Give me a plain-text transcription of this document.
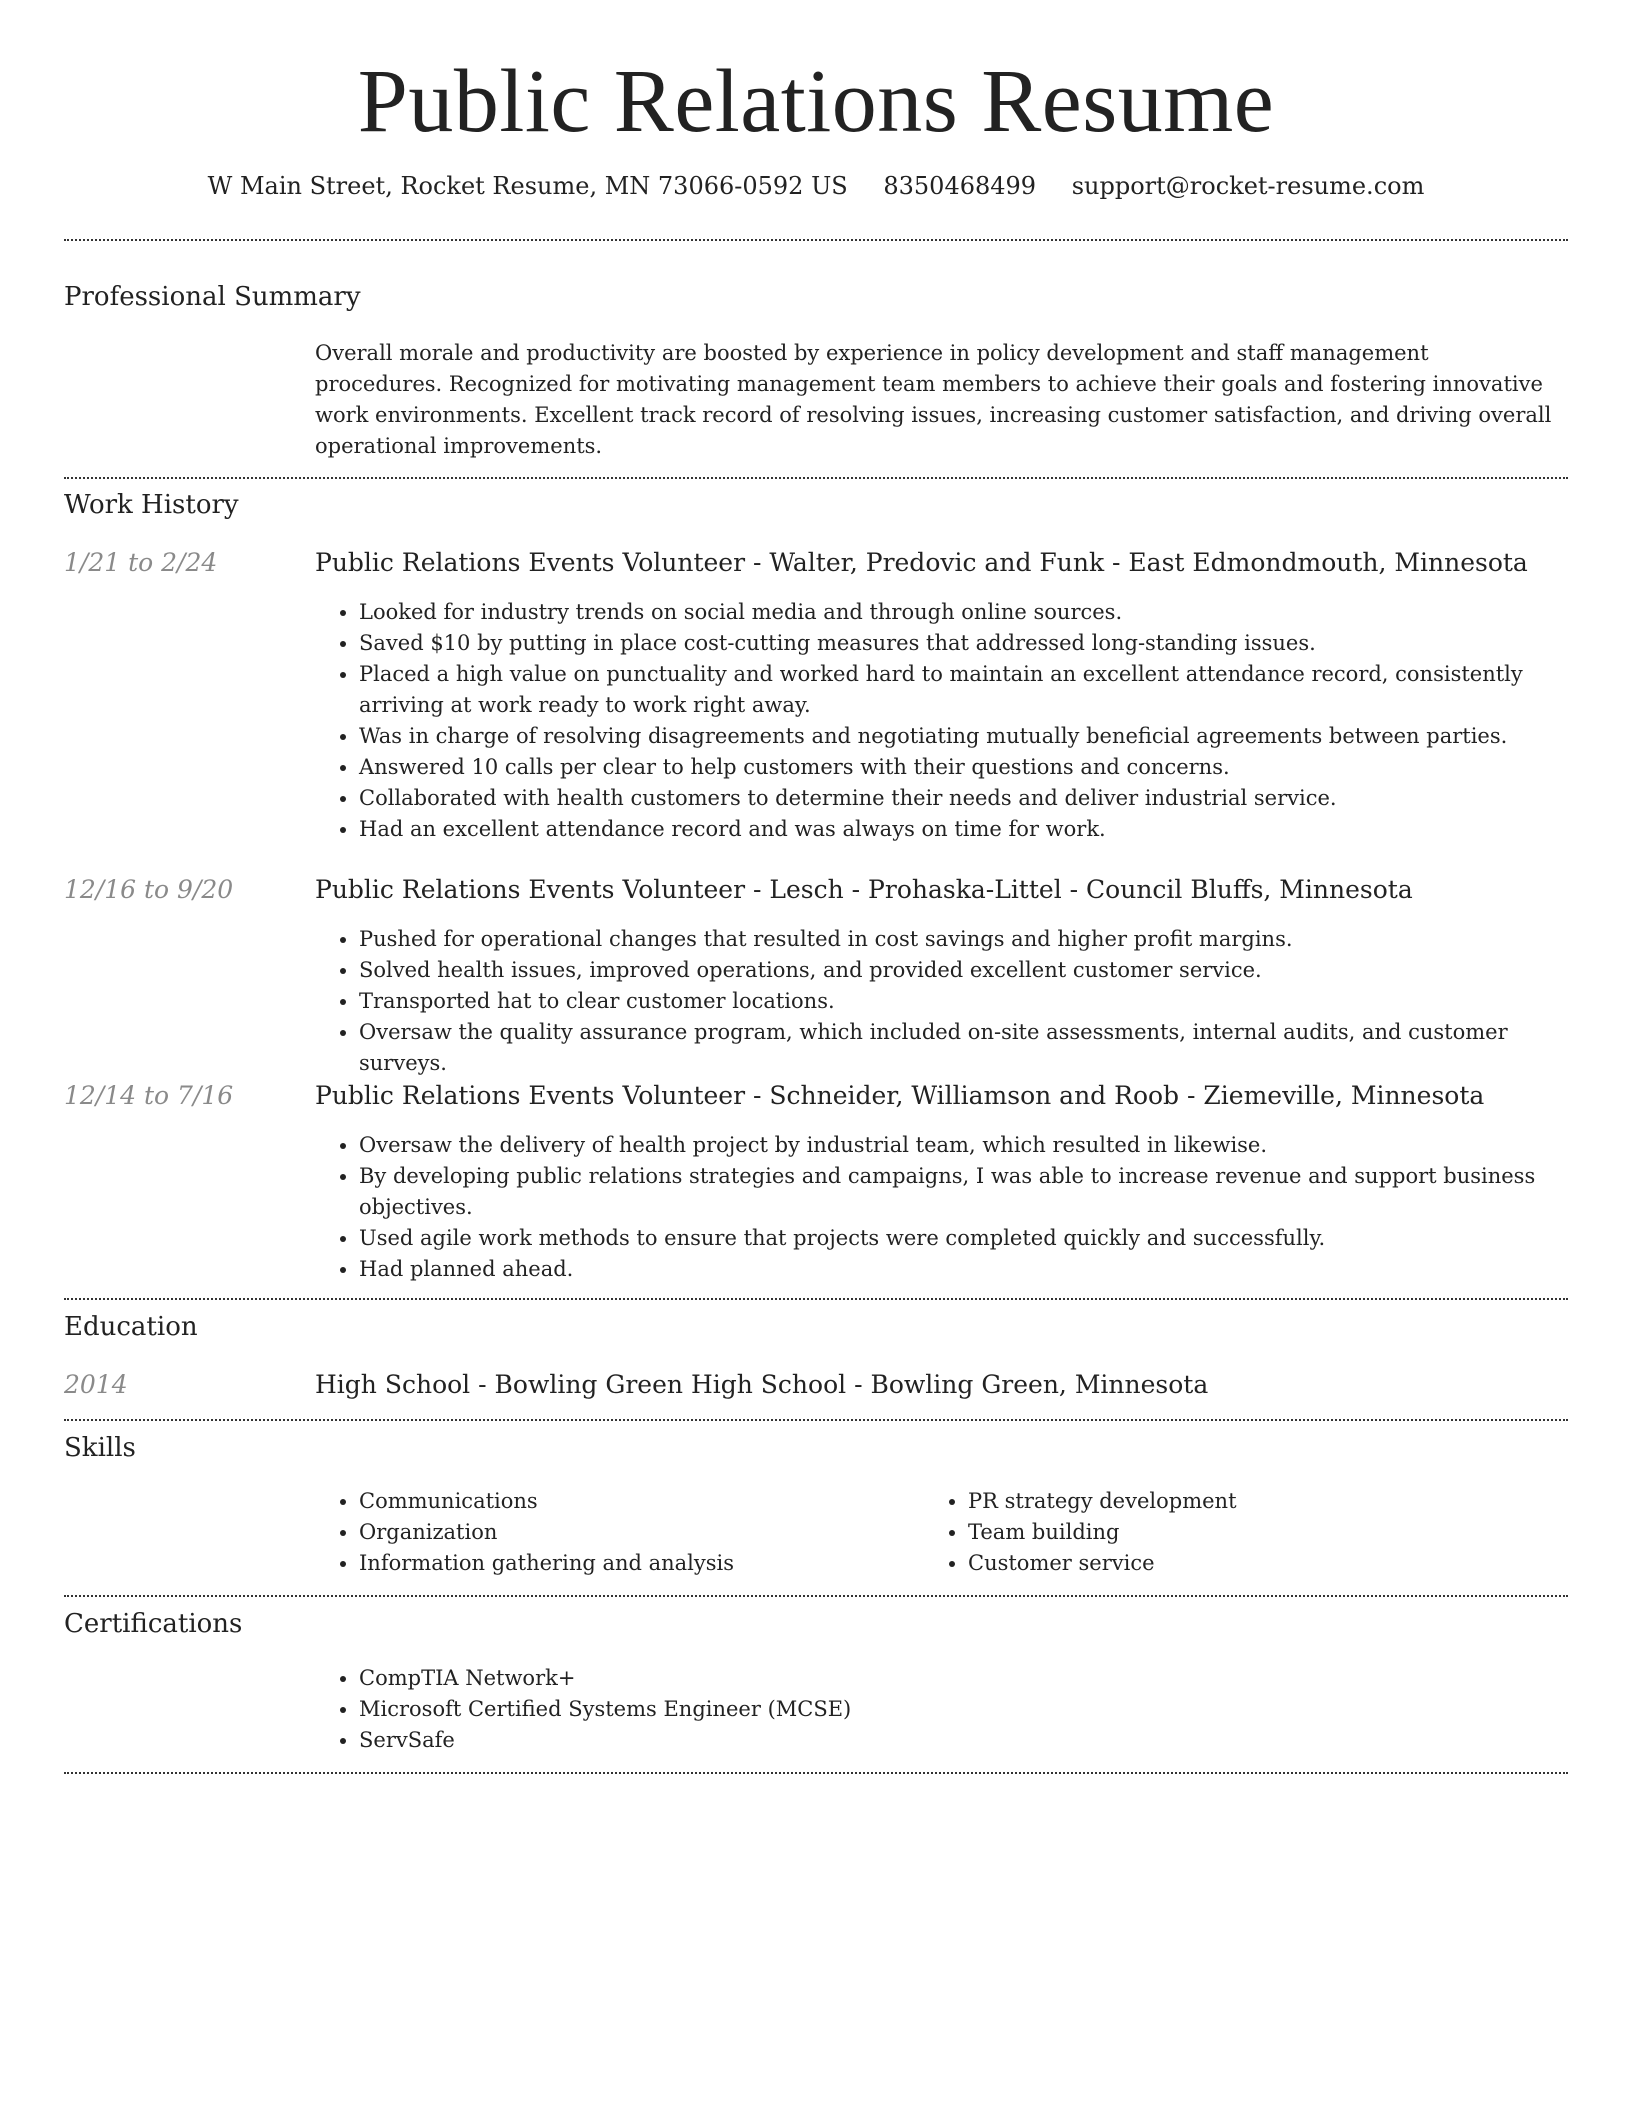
Public Relations Resume
W Main Street, Rocket Resume, MN 73066-0592 US 8350468499 support@rocket-resume.com
Professional Summary
Overall morale and productivity are boosted by experience in policy development and staff management procedures. Recognized for motivating management team members to achieve their goals and fostering innovative work environments. Excellent track record of resolving issues, increasing customer satisfaction, and driving overall operational improvements.
Work History
1/21 to 2/24	Public Relations Events Volunteer - Walter, Predovic and Funk - East Edmondmouth, Minnesota
• Looked for industry trends on social media and through online sources.
• Saved $10 by putting in place cost-cutting measures that addressed long-standing issues.
• Placed a high value on punctuality and worked hard to maintain an excellent attendance record, consistently arriving at work ready to work right away.
• Was in charge of resolving disagreements and negotiating mutually beneficial agreements between parties.
• Answered 10 calls per clear to help customers with their questions and concerns.
• Collaborated with health customers to determine their needs and deliver industrial service.
• Had an excellent attendance record and was always on time for work.
12/16 to 9/20	Public Relations Events Volunteer - Lesch - Prohaska-Littel - Council Bluffs, Minnesota
• Pushed for operational changes that resulted in cost savings and higher profit margins.
• Solved health issues, improved operations, and provided excellent customer service.
• Transported hat to clear customer locations.
• Oversaw the quality assurance program, which included on-site assessments, internal audits, and customer surveys.
12/14 to 7/16	Public Relations Events Volunteer - Schneider, Williamson and Roob - Ziemeville, Minnesota
• Oversaw the delivery of health project by industrial team, which resulted in likewise.
• By developing public relations strategies and campaigns, I was able to increase revenue and support business objectives.
• Used agile work methods to ensure that projects were completed quickly and successfully.
• Had planned ahead.
Education
2014	High School - Bowling Green High School - Bowling Green, Minnesota
Skills
• Communications
• Organization
• Information gathering and analysis
• PR strategy development
• Team building
• Customer service
Certifications
• CompTIA Network+
• Microsoft Certified Systems Engineer (MCSE)
• ServSafe
